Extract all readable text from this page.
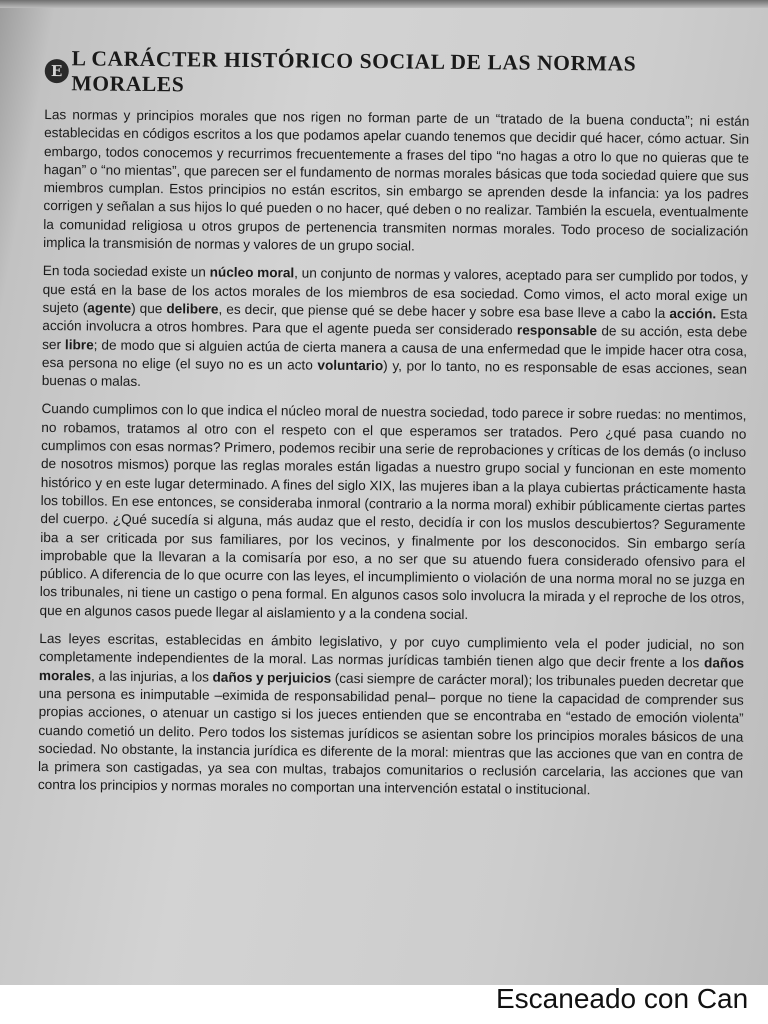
E L CARÁCTER HISTÓRICO SOCIAL DE LAS NORMAS MORALES

Las normas y principios morales que nos rigen no forman parte de un “tratado de la buena conducta”; ni están establecidas en códigos escritos a los que podamos apelar cuando tenemos que decidir qué hacer, cómo actuar. Sin embargo, todos conocemos y recurrimos frecuentemente a frases del tipo “no hagas a otro lo que no quieras que te hagan” o “no mientas”, que parecen ser el fundamento de normas morales básicas que toda sociedad quiere que sus miembros cumplan. Estos principios no están escritos, sin embargo se aprenden desde la infancia: ya los padres corrigen y señalan a sus hijos lo qué pueden o no hacer, qué deben o no realizar. También la escuela, eventualmente la comunidad religiosa u otros grupos de pertenencia transmiten normas morales. Todo proceso de socialización implica la transmisión de normas y valores de un grupo social.

En toda sociedad existe un núcleo moral, un conjunto de normas y valores, aceptado para ser cumplido por todos, y que está en la base de los actos morales de los miembros de esa sociedad. Como vimos, el acto moral exige un sujeto (agente) que delibere, es decir, que piense qué se debe hacer y sobre esa base lleve a cabo la acción. Esta acción involucra a otros hombres. Para que el agente pueda ser considerado responsable de su acción, esta debe ser libre; de modo que si alguien actúa de cierta manera a causa de una enfermedad que le impide hacer otra cosa, esa persona no elige (el suyo no es un acto voluntario) y, por lo tanto, no es responsable de esas acciones, sean buenas o malas.

Cuando cumplimos con lo que indica el núcleo moral de nuestra sociedad, todo parece ir sobre ruedas: no mentimos, no robamos, tratamos al otro con el respeto con el que esperamos ser tratados. Pero ¿qué pasa cuando no cumplimos con esas normas? Primero, podemos recibir una serie de reprobaciones y críticas de los demás (o incluso de nosotros mismos) porque las reglas morales están ligadas a nuestro grupo social y funcionan en este momento histórico y en este lugar determinado. A fines del siglo XIX, las mujeres iban a la playa cubiertas prácticamente hasta los tobillos. En ese entonces, se consideraba inmoral (contrario a la norma moral) exhibir públicamente ciertas partes del cuerpo. ¿Qué sucedía si alguna, más audaz que el resto, decidía ir con los muslos descubiertos? Seguramente iba a ser criticada por sus familiares, por los vecinos, y finalmente por los desconocidos. Sin embargo sería improbable que la llevaran a la comisaría por eso, a no ser que su atuendo fuera considerado ofensivo para el público. A diferencia de lo que ocurre con las leyes, el incumplimiento o violación de una norma moral no se juzga en los tribunales, ni tiene un castigo o pena formal. En algunos casos solo involucra la mirada y el reproche de los otros, que en algunos casos puede llegar al aislamiento y a la condena social.

Las leyes escritas, establecidas en ámbito legislativo, y por cuyo cumplimiento vela el poder judicial, no son completamente independientes de la moral. Las normas jurídicas también tienen algo que decir frente a los daños morales, a las injurias, a los daños y perjuicios (casi siempre de carácter moral); los tribunales pueden decretar que una persona es inimputable –eximida de responsabilidad penal– porque no tiene la capacidad de comprender sus propias acciones, o atenuar un castigo si los jueces entienden que se encontraba en “estado de emoción violenta” cuando cometió un delito. Pero todos los sistemas jurídicos se asientan sobre los principios morales básicos de una sociedad. No obstante, la instancia jurídica es diferente de la moral: mientras que las acciones que van en contra de la primera son castigadas, ya sea con multas, trabajos comunitarios o reclusión carcelaria, las acciones que van contra los principios y normas morales no comportan una intervención estatal o institucional.

Escaneado con Can
